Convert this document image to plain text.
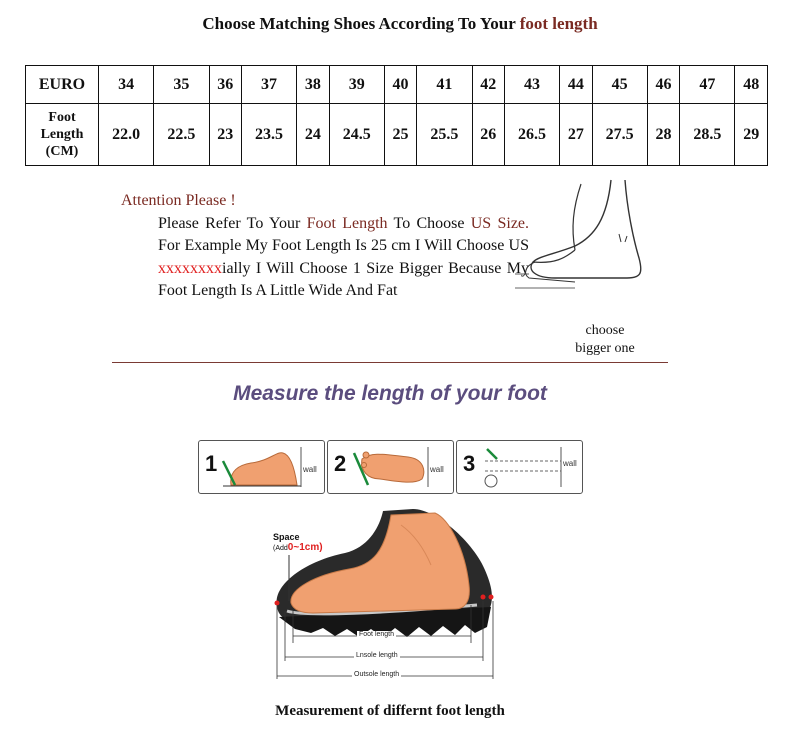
Choose Matching Shoes According To Your foot length
EURO	34	35	36	37	38	39	40	41	42	43	44	45	46	47	48

Foot
Length
(CM)	22.0	22.5	23	23.5	24	24.5	25	25.5	26	26.5	27	27.5	28	28.5	29
Attention Please !
Please Refer To Your Foot Length To Choose US Size. For Example My Foot Length Is 25 cm I Will Choose US xxxxxxxxially I Will Choose 1 Size Bigger Because My Foot Length Is A Little Wide And Fat
choose
bigger one
Measure the length of your foot
1	wall 2	wall 3	wall
Space
(Add0~1cm)
Foot length
Lnsole length
Outsole length
Measurement of differnt foot length
